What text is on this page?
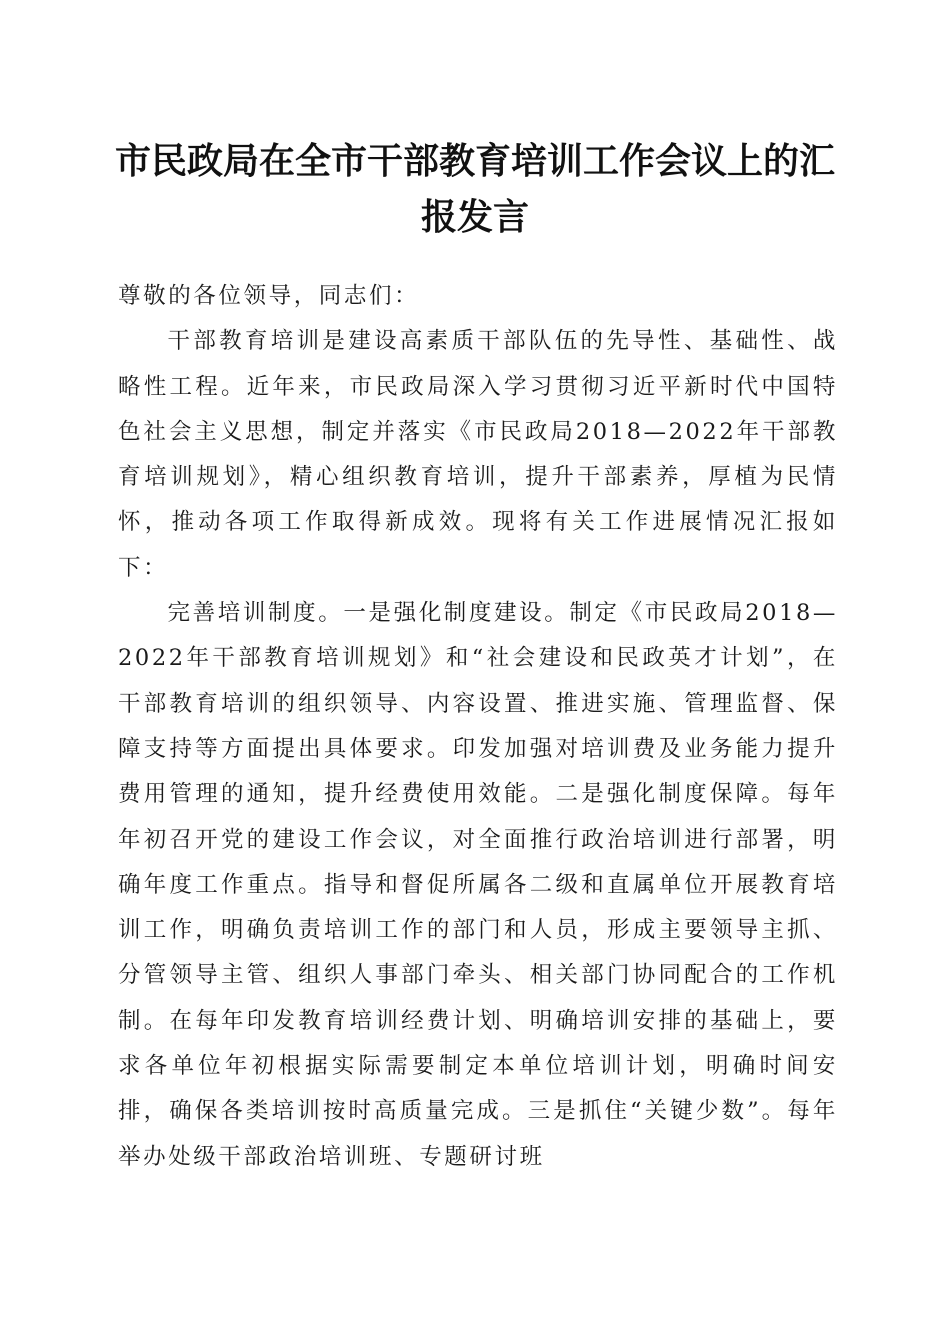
市民政局在全市干部教育培训工作会议上的汇报发言

尊敬的各位领导，同志们：

干部教育培训是建设高素质干部队伍的先导性、基础性、战略性工程。近年来，市民政局深入学习贯彻习近平新时代中国特色社会主义思想，制定并落实《市民政局2018—2022年干部教育培训规划》，精心组织教育培训，提升干部素养，厚植为民情怀，推动各项工作取得新成效。现将有关工作进展情况汇报如下：

完善培训制度。一是强化制度建设。制定《市民政局2018—2022年干部教育培训规划》和“社会建设和民政英才计划”，在干部教育培训的组织领导、内容设置、推进实施、管理监督、保障支持等方面提出具体要求。印发加强对培训费及业务能力提升费用管理的通知，提升经费使用效能。二是强化制度保障。每年年初召开党的建设工作会议，对全面推行政治培训进行部署，明确年度工作重点。指导和督促所属各二级和直属单位开展教育培训工作，明确负责培训工作的部门和人员，形成主要领导主抓、分管领导主管、组织人事部门牵头、相关部门协同配合的工作机制。在每年印发教育培训经费计划、明确培训安排的基础上，要求各单位年初根据实际需要制定本单位培训计划，明确时间安排，确保各类培训按时高质量完成。三是抓住“关键少数”。每年举办处级干部政治培训班、专题研讨班
